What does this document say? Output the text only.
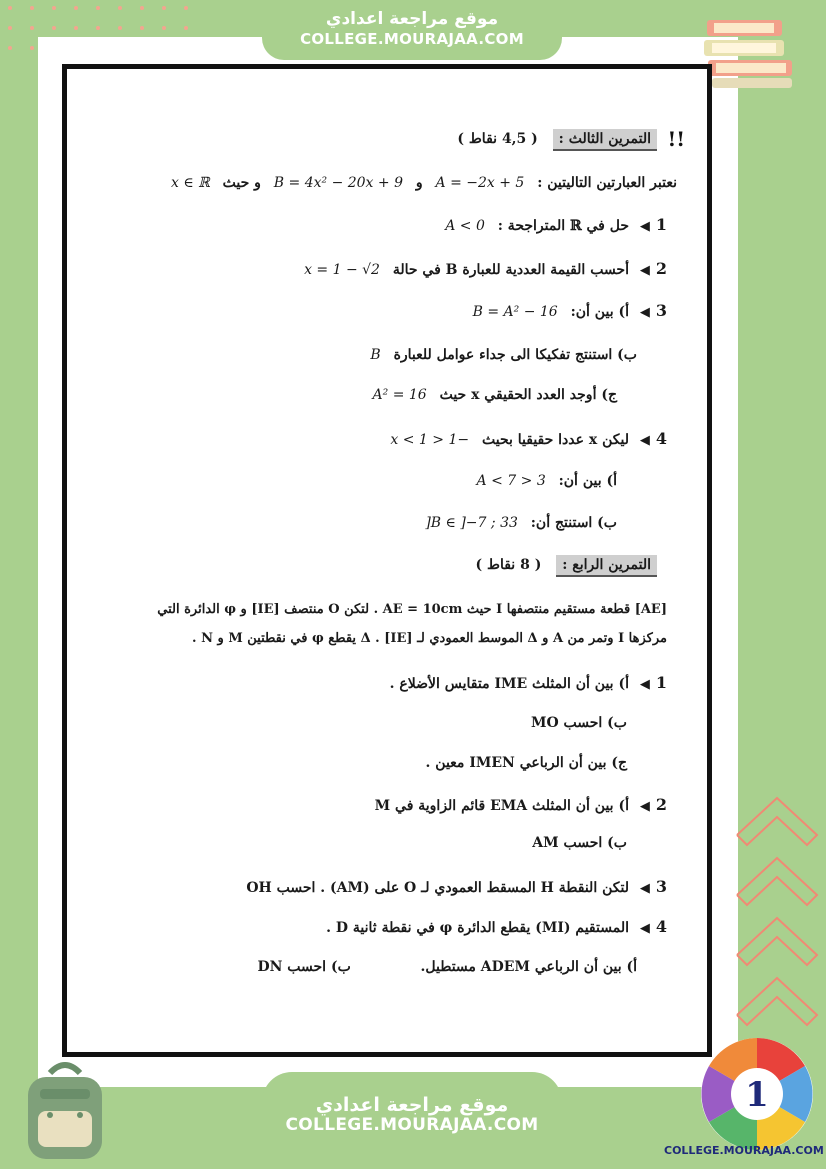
موقع مراجعة اعدادي
COLLEGE.MOURAJAA.COM
التمرين الثالث : ( 4,5 نقاط )	!!
نعتبر العبارتين التاليتين : A = −2x + 5 و B = 4x² − 20x + 9 و حيث x ∈ ℝ
1◀ حل في ℝ المتراجحة : A < 0
2◀ أحسب القيمة العددية للعبارة B في حالة x = 1 − √2
3◀ أ) بين أن: B = A² − 16
ب) استنتج تفكيكا الى جداء عوامل للعبارة B
ج) أوجد العدد الحقيقي x حيث A² = 16
4◀ ليكن x عددا حقيقيا بحيث −1 < x < 1
أ) بين أن: 3 < A < 7
ب) استنتج أن: B ∈ ]−7 ; 33[
التمرين الرابع : ( 8 نقاط )
[AE] قطعة مستقيم منتصفها I حيث AE = 10cm . لتكن O منتصف [IE] و φ الدائرة التي
مركزها I وتمر من A و Δ الموسط العمودي لـ [IE] . Δ يقطع φ في نقطتين M و N .
1◀ أ) بين أن المثلث IME متقايس الأضلاع .
ب) احسب MO
ج) بين أن الرباعي IMEN معين .
2◀ أ) بين أن المثلث EMA قائم الزاوية في M
ب) احسب AM
3◀ لتكن النقطة H المسقط العمودي لـ O على (AM) . احسب OH
4◀ المستقيم (MI) يقطع الدائرة φ في نقطة ثانية D .
أ) بين أن الرباعي ADEM مستطيل.  ب) احسب DN
موقع مراجعة اعدادي
COLLEGE.MOURAJAA.COM
1
COLLEGE.MOURAJAA.COM
